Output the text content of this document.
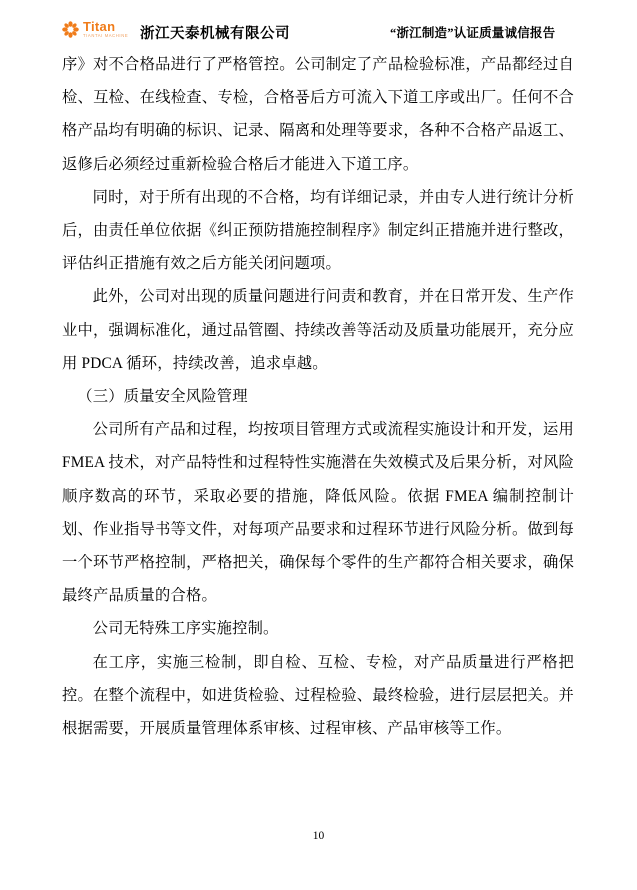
Titan
TIANTAI MACHINE 浙江天泰机械有限公司	“浙江制造”认证质量诚信报告

序》对不合格品进行了严格管控。公司制定了产品检验标准，产品都经过自检、互检、在线检查、专检，合格품后方可流入下道工序或出厂。任何不合格产品均有明确的标识、记录、隔离和处理等要求，各种不合格产品返工、返修后必须经过重新检验合格后才能进入下道工序。

同时，对于所有出现的不合格，均有详细记录，并由专人进行统计分析后，由责任单位依据《纠正预防措施控制程序》制定纠正措施并进行整改，评估纠正措施有效之后方能关闭问题项。

此外，公司对出现的质量问题进行问责和教育，并在日常开发、生产作业中，强调标准化，通过品管圈、持续改善等活动及质量功能展开，充分应用 PDCA 循环，持续改善，追求卓越。

（三）质量安全风险管理

公司所有产品和过程，均按项目管理方式或流程实施设计和开发，运用 FMEA 技术，对产品特性和过程特性实施潜在失效模式及后果分析，对风险顺序数高的环节，采取必要的措施，降低风险。依据 FMEA 编制控制计划、作业指导书等文件，对每项产品要求和过程环节进行风险分析。做到每一个环节严格控制，严格把关，确保每个零件的生产都符合相关要求，确保最终产品质量的合格。

公司无特殊工序实施控制。

在工序，实施三检制，即自检、互检、专检，对产品质量进行严格把控。在整个流程中，如进货检验、过程检验、最终检验，进行层层把关。并根据需要，开展质量管理体系审核、过程审核、产品审核等工作。

10
